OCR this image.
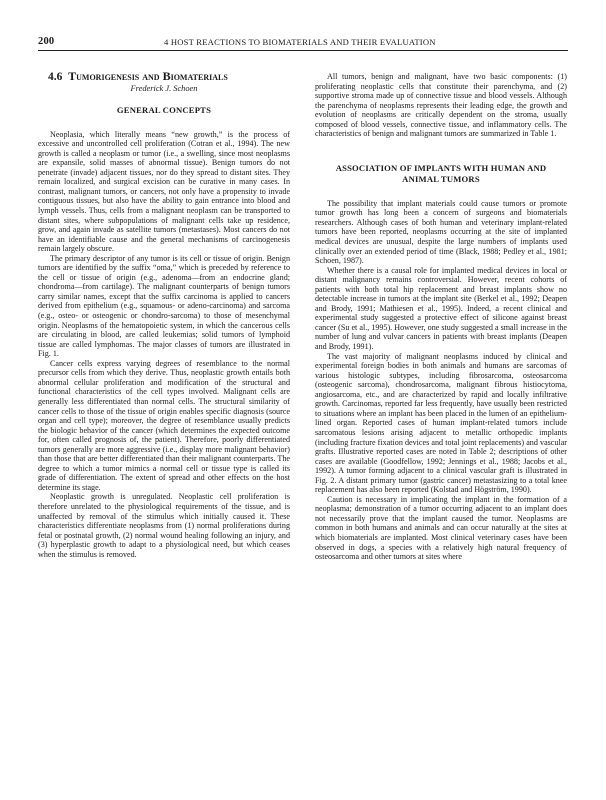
200	4 HOST REACTIONS TO BIOMATERIALS AND THEIR EVALUATION
4.6 Tumorigenesis and Biomaterials
Frederick J. Schoen
GENERAL CONCEPTS

Neoplasia, which literally means “new growth,” is the process of excessive and uncontrolled cell proliferation (Cotran et al., 1994). The new growth is called a neoplasm or tumor (i.e., a swelling, since most neoplasms are expansile, solid masses of abnormal tissue). Benign tumors do not penetrate (invade) adjacent tissues, nor do they spread to distant sites. They remain localized, and surgical excision can be curative in many cases. In contrast, malignant tumors, or cancers, not only have a propensity to invade contiguous tissues, but also have the ability to gain entrance into blood and lymph vessels. Thus, cells from a malignant neoplasm can be transported to distant sites, where subpopulations of malignant cells take up residence, grow, and again invade as satellite tumors (metastases). Most cancers do not have an identifiable cause and the general mechanisms of carcinogenesis remain largely obscure.

The primary descriptor of any tumor is its cell or tissue of origin. Benign tumors are identified by the suffix “oma,” which is preceded by reference to the cell or tissue of origin (e.g., adenoma—from an endocrine gland; chondroma—from cartilage). The malignant counterparts of benign tumors carry similar names, except that the suffix carcinoma is applied to cancers derived from epithelium (e.g., squamous- or adeno-carcinoma) and sarcoma (e.g., osteo- or osteogenic or chondro-sarcoma) to those of mesenchymal origin. Neoplasms of the hematopoietic system, in which the cancerous cells are circulating in blood, are called leukemias; solid tumors of lymphoid tissue are called lymphomas. The major classes of tumors are illustrated in Fig. 1.

Cancer cells express varying degrees of resemblance to the normal precursor cells from which they derive. Thus, neoplastic growth entails both abnormal cellular proliferation and modification of the structural and functional characteristics of the cell types involved. Malignant cells are generally less differentiated than normal cells. The structural similarity of cancer cells to those of the tissue of origin enables specific diagnosis (source organ and cell type); moreover, the degree of resemblance usually predicts the biologic behavior of the cancer (which determines the expected outcome for, often called prognosis of, the patient). Therefore, poorly differentiated tumors generally are more aggressive (i.e., display more malignant behavior) than those that are better differentiated than their malignant counterparts. The degree to which a tumor mimics a normal cell or tissue type is called its grade of differentiation. The extent of spread and other effects on the host determine its stage.

Neoplastic growth is unregulated. Neoplastic cell proliferation is therefore unrelated to the physiological requirements of the tissue, and is unaffected by removal of the stimulus which initially caused it. These characteristics differentiate neoplasms from (1) normal proliferations during fetal or postnatal growth, (2) normal wound healing following an injury, and (3) hyperplastic growth to adapt to a physiological need, but which ceases when the stimulus is removed.

All tumors, benign and malignant, have two basic components: (1) proliferating neoplastic cells that constitute their parenchyma, and (2) supportive stroma made up of connective tissue and blood vessels. Although the parenchyma of neoplasms represents their leading edge, the growth and evolution of neoplasms are critically dependent on the stroma, usually composed of blood vessels, connective tissue, and inflammatory cells. The characteristics of benign and malignant tumors are summarized in Table 1.

ASSOCIATION OF IMPLANTS WITH HUMAN AND ANIMAL TUMORS

The possibility that implant materials could cause tumors or promote tumor growth has long been a concern of surgeons and biomaterials researchers. Although cases of both human and veterinary implant-related tumors have been reported, neoplasms occurring at the site of implanted medical devices are unusual, despite the large numbers of implants used clinically over an extended period of time (Black, 1988; Pedley et al., 1981; Schoen, 1987).

Whether there is a causal role for implanted medical devices in local or distant malignancy remains controversial. However, recent cohorts of patients with both total hip replacement and breast implants show no detectable increase in tumors at the implant site (Berkel et al., 1992; Deapen and Brody, 1991; Mathiesen et al., 1995). Indeed, a recent clinical and experimental study suggested a protective effect of silicone against breast cancer (Su et al., 1995). However, one study suggested a small increase in the number of lung and vulvar cancers in patients with breast implants (Deapen and Brody, 1991).

The vast majority of malignant neoplasms induced by clinical and experimental foreign bodies in both animals and humans are sarcomas of various histologic subtypes, including fibrosarcoma, osteosarcoma (osteogenic sarcoma), chondrosarcoma, malignant fibrous histiocytoma, angiosarcoma, etc., and are characterized by rapid and locally infiltrative growth. Carcinomas, reported far less frequently, have usually been restricted to situations where an implant has been placed in the lumen of an epithelium-lined organ. Reported cases of human implant-related tumors include sarcomatous lesions arising adjacent to metallic orthopedic implants (including fracture fixation devices and total joint replacements) and vascular grafts. Illustrative reported cases are noted in Table 2; descriptions of other cases are available (Goodfellow, 1992; Jennings et al., 1988; Jacobs et al., 1992). A tumor forming adjacent to a clinical vascular graft is illustrated in Fig. 2. A distant primary tumor (gastric cancer) metastasizing to a total knee replacement has also been reported (Kolstad and Högström, 1990).

Caution is necessary in implicating the implant in the formation of a neoplasma; demonstration of a tumor occurring adjacent to an implant does not necessarily prove that the implant caused the tumor. Neoplasms are common in both humans and animals and can occur naturally at the sites at which biomaterials are implanted. Most clinical veterinary cases have been observed in dogs, a species with a relatively high natural frequency of osteosarcoma and other tumors at sites where
